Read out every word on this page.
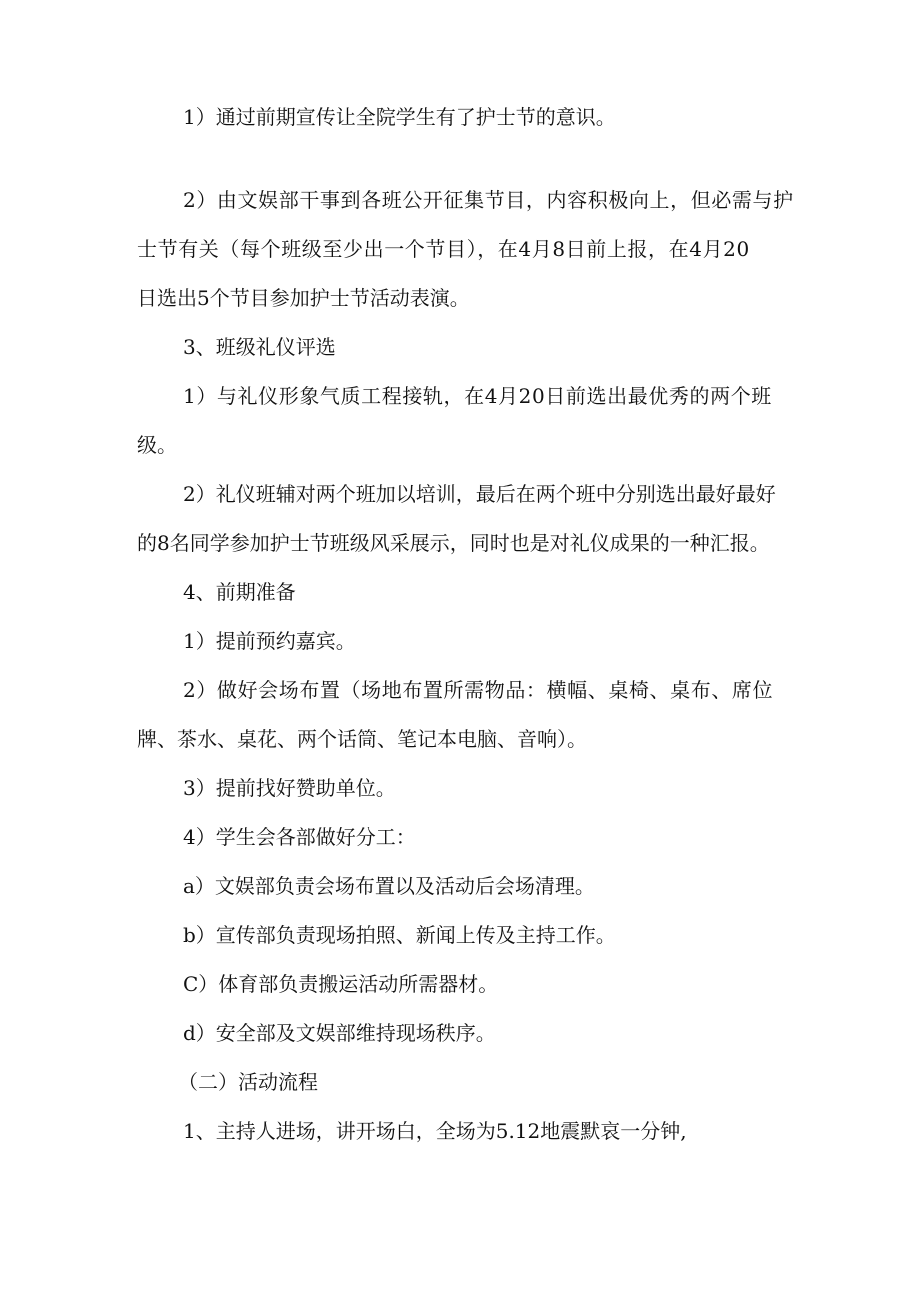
1）通过前期宣传让全院学生有了护士节的意识。

2）由文娱部干事到各班公开征集节目，内容积极向上，但必需与护

士节有关（每个班级至少出一个节目），在4月8日前上报，在4月20

日选出5个节目参加护士节活动表演。

3、班级礼仪评选

1）与礼仪形象气质工程接轨，在4月20日前选出最优秀的两个班

级。

2）礼仪班辅对两个班加以培训，最后在两个班中分别选出最好最好

的8名同学参加护士节班级风采展示，同时也是对礼仪成果的一种汇报。

4、前期准备

1）提前预约嘉宾。

2）做好会场布置（场地布置所需物品：横幅、桌椅、桌布、席位

牌、茶水、桌花、两个话筒、笔记本电脑、音响）。

3）提前找好赞助单位。

4）学生会各部做好分工：

a）文娱部负责会场布置以及活动后会场清理。

b）宣传部负责现场拍照、新闻上传及主持工作。

C）体育部负责搬运活动所需器材。

d）安全部及文娱部维持现场秩序。

（二）活动流程

1、主持人进场，讲开场白，全场为5.12地震默哀一分钟,
